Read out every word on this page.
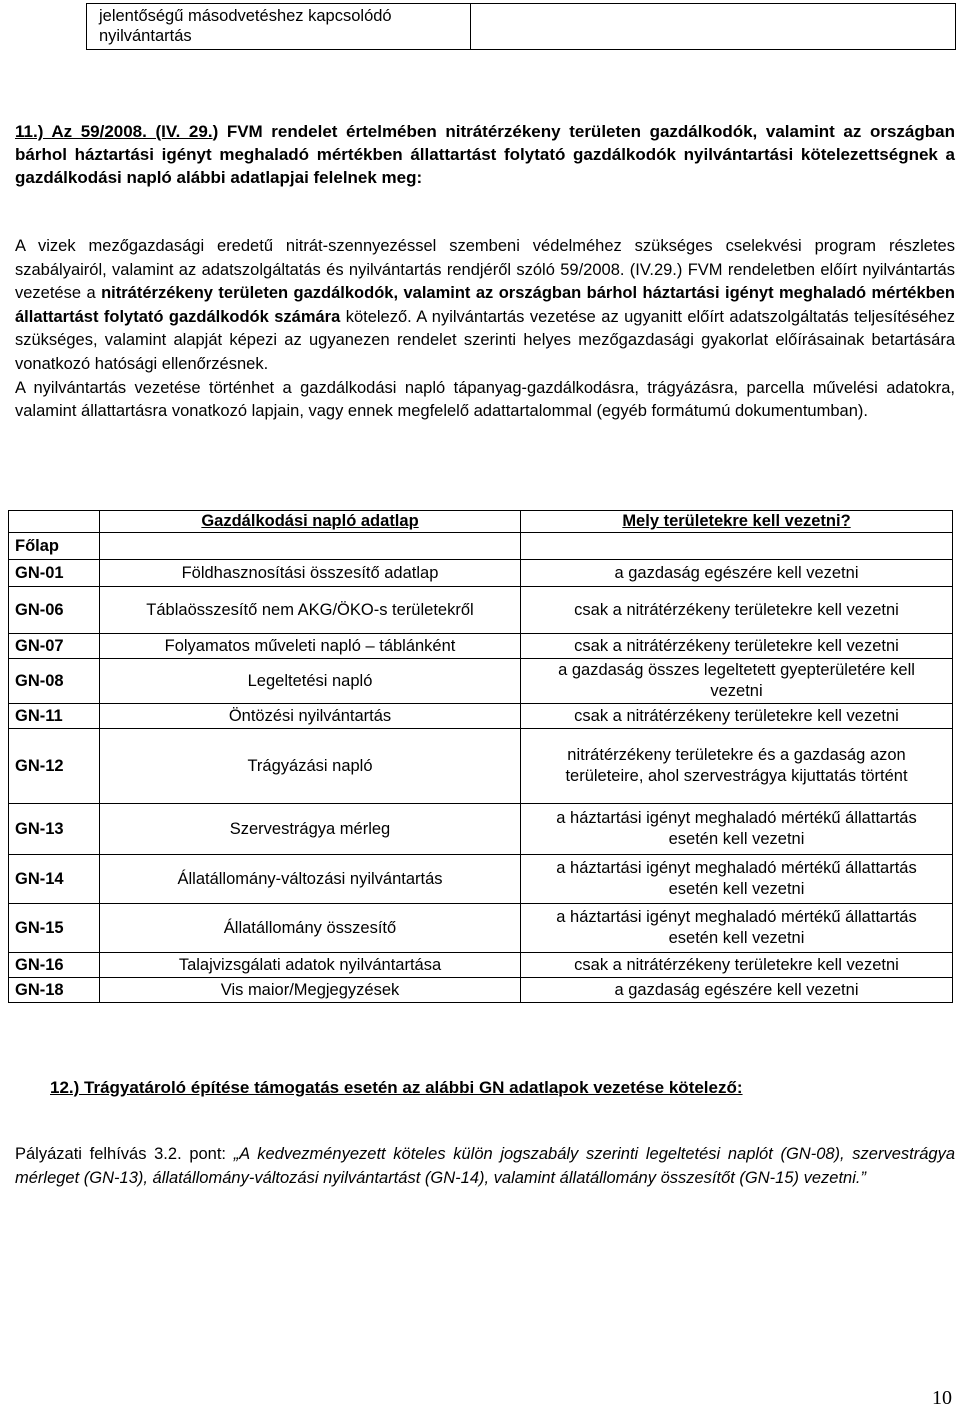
jelentőségű másodvetéshez kapcsolódó nyilvántartás
11.) Az 59/2008. (IV. 29.) FVM rendelet értelmében nitrátérzékeny területen gazdálkodók, valamint az országban bárhol háztartási igényt meghaladó mértékben állattartást folytató gazdálkodók nyilvántartási kötelezettségnek a gazdálkodási napló alábbi adatlapjai felelnek meg:

A vizek mezőgazdasági eredetű nitrát-szennyezéssel szembeni védelméhez szükséges cselekvési program részletes szabályairól, valamint az adatszolgáltatás és nyilvántartás rendjéről szóló 59/2008. (IV.29.) FVM rendeletben előírt nyilvántartás vezetése a nitrátérzékeny területen gazdálkodók, valamint az országban bárhol háztartási igényt meghaladó mértékben állattartást folytató gazdálkodók számára kötelező. A nyilvántartás vezetése az ugyanitt előírt adatszolgáltatás teljesítéséhez szükséges, valamint alapját képezi az ugyanezen rendelet szerinti helyes mezőgazdasági gyakorlat előírásainak betartására vonatkozó hatósági ellenőrzésnek.

A nyilvántartás vezetése történhet a gazdálkodási napló tápanyag-gazdálkodásra, trágyázásra, parcella művelési adatokra, valamint állattartásra vonatkozó lapjain, vagy ennek megfelelő adattartalommal (egyéb formátumú dokumentumban).

	Gazdálkodási napló adatlap	Mely területekre kell vezetni?
Főlap		
GN-01	Földhasznosítási összesítő adatlap	a gazdaság egészére kell vezetni
GN-06	Táblaösszesítő nem AKG/ÖKO-s területekről	csak a nitrátérzékeny területekre kell vezetni
GN-07	Folyamatos műveleti napló – táblánként	csak a nitrátérzékeny területekre kell vezetni
GN-08	Legeltetési napló	a gazdaság összes legeltetett gyepterületére kell vezetni
GN-11	Öntözési nyilvántartás	csak a nitrátérzékeny területekre kell vezetni
GN-12	Trágyázási napló	nitrátérzékeny területekre és a gazdaság azon területeire, ahol szervestrágya kijuttatás történt
GN-13	Szervestrágya mérleg	a háztartási igényt meghaladó mértékű állattartás esetén kell vezetni
GN-14	Állatállomány-változási nyilvántartás	a háztartási igényt meghaladó mértékű állattartás esetén kell vezetni
GN-15	Állatállomány összesítő	a háztartási igényt meghaladó mértékű állattartás esetén kell vezetni
GN-16	Talajvizsgálati adatok nyilvántartása	csak a nitrátérzékeny területekre kell vezetni
GN-18	Vis maior/Megjegyzések	a gazdaság egészére kell vezetni
12.) Trágyatároló építése támogatás esetén az alábbi GN adatlapok vezetése kötelező:
Pályázati felhívás 3.2. pont: „A kedvezményezett köteles külön jogszabály szerinti legeltetési naplót (GN-08), szervestrágya mérleget (GN-13), állatállomány-változási nyilvántartást (GN-14), valamint állatállomány összesítőt (GN-15) vezetni.”
10
